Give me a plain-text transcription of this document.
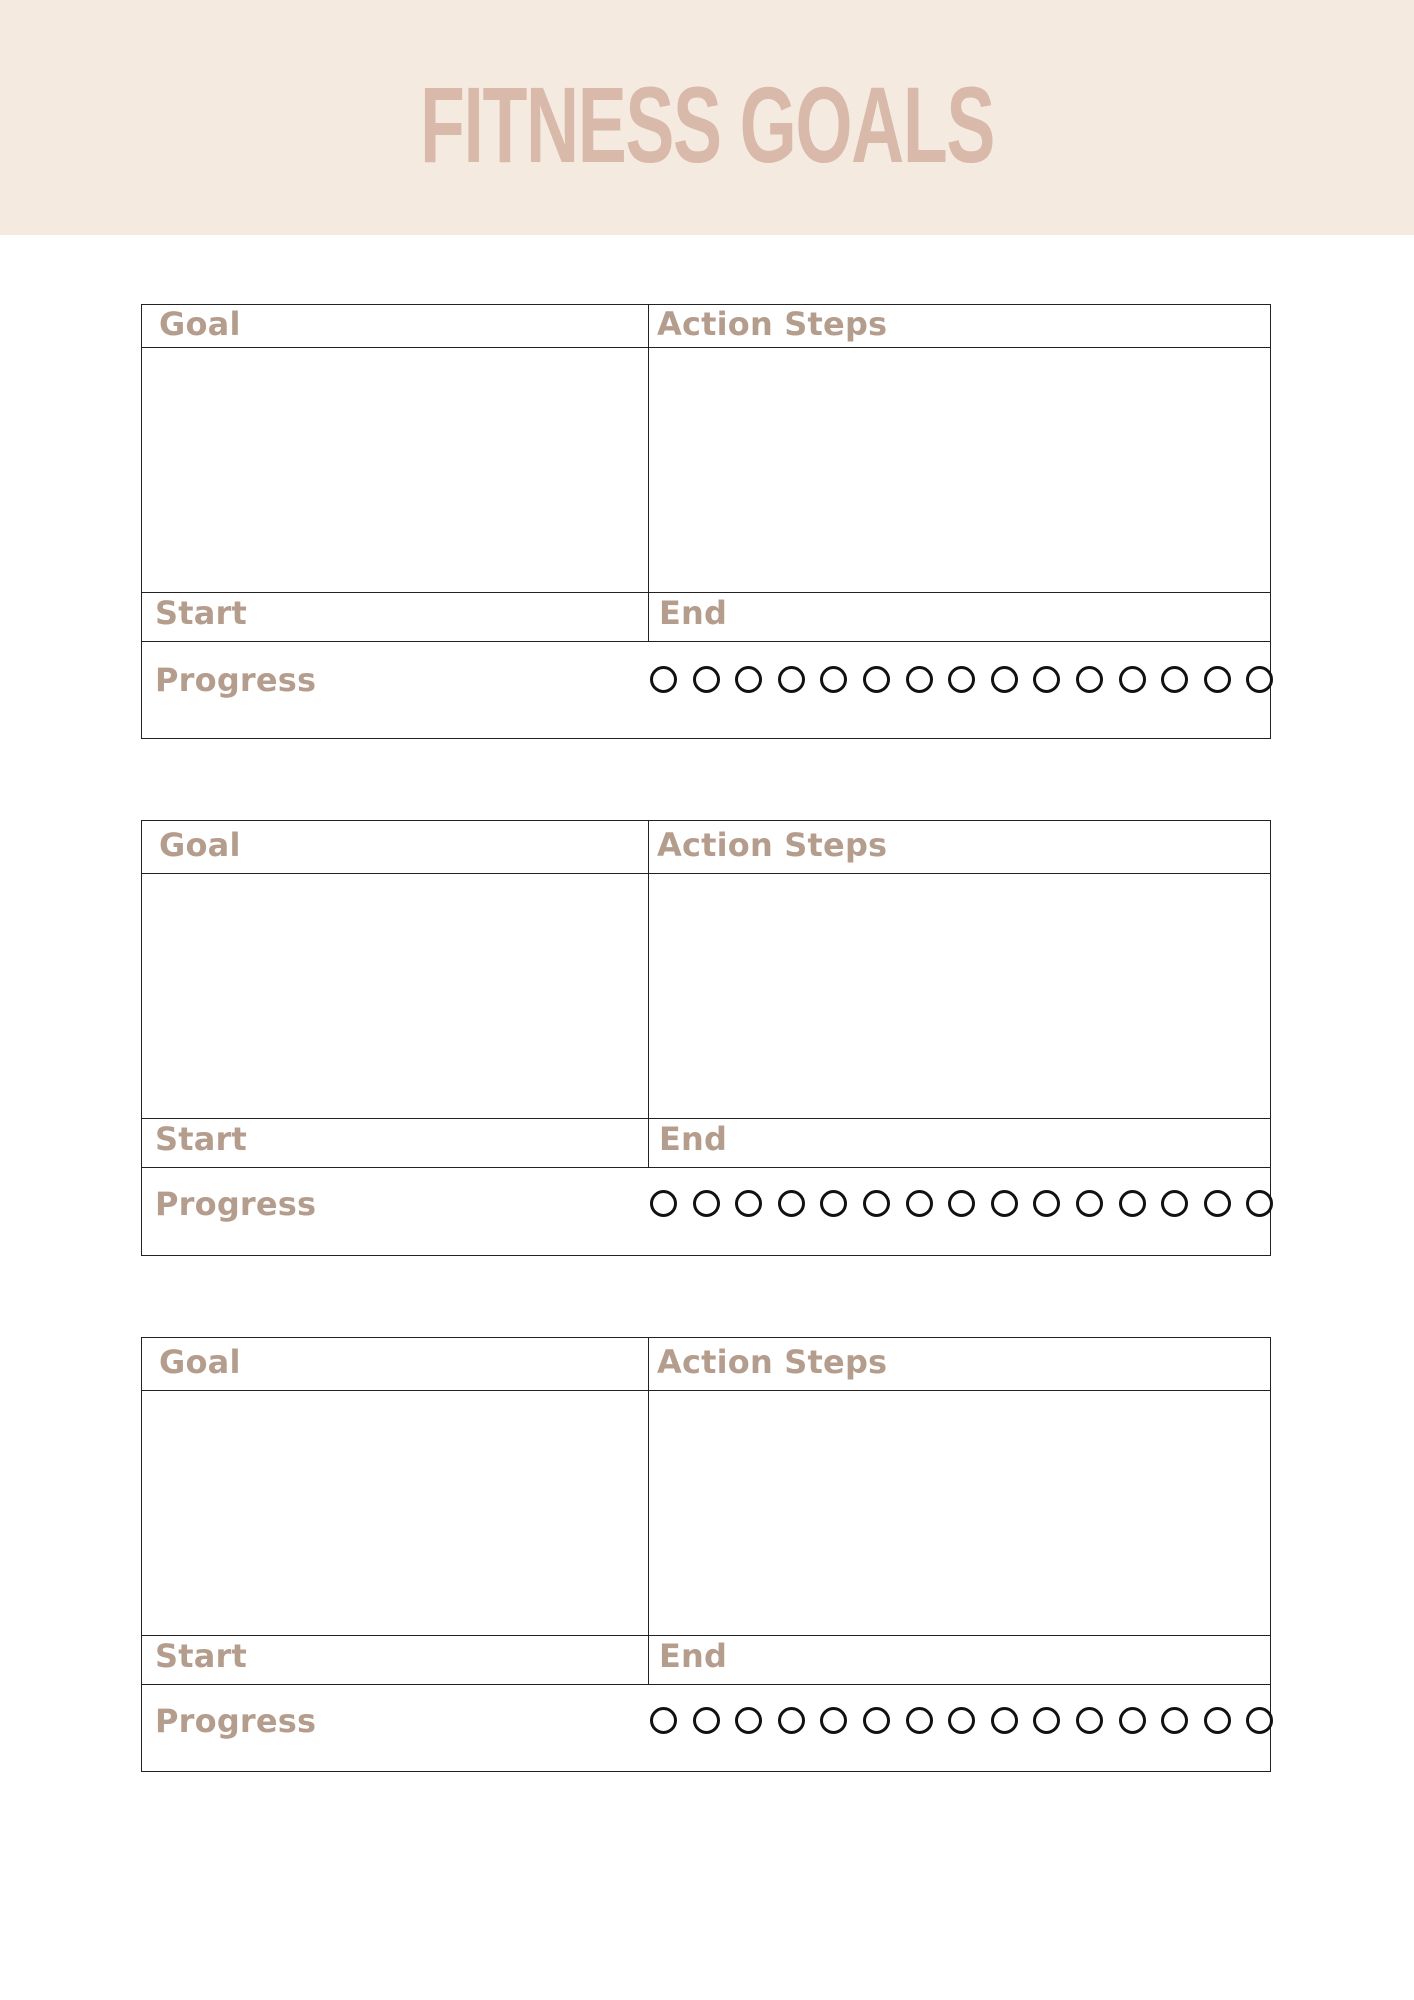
FITNESS GOALS
Goal	Action Steps
Start	End
Progress
Goal	Action Steps
Start	End
Progress
Goal	Action Steps
Start	End
Progress
